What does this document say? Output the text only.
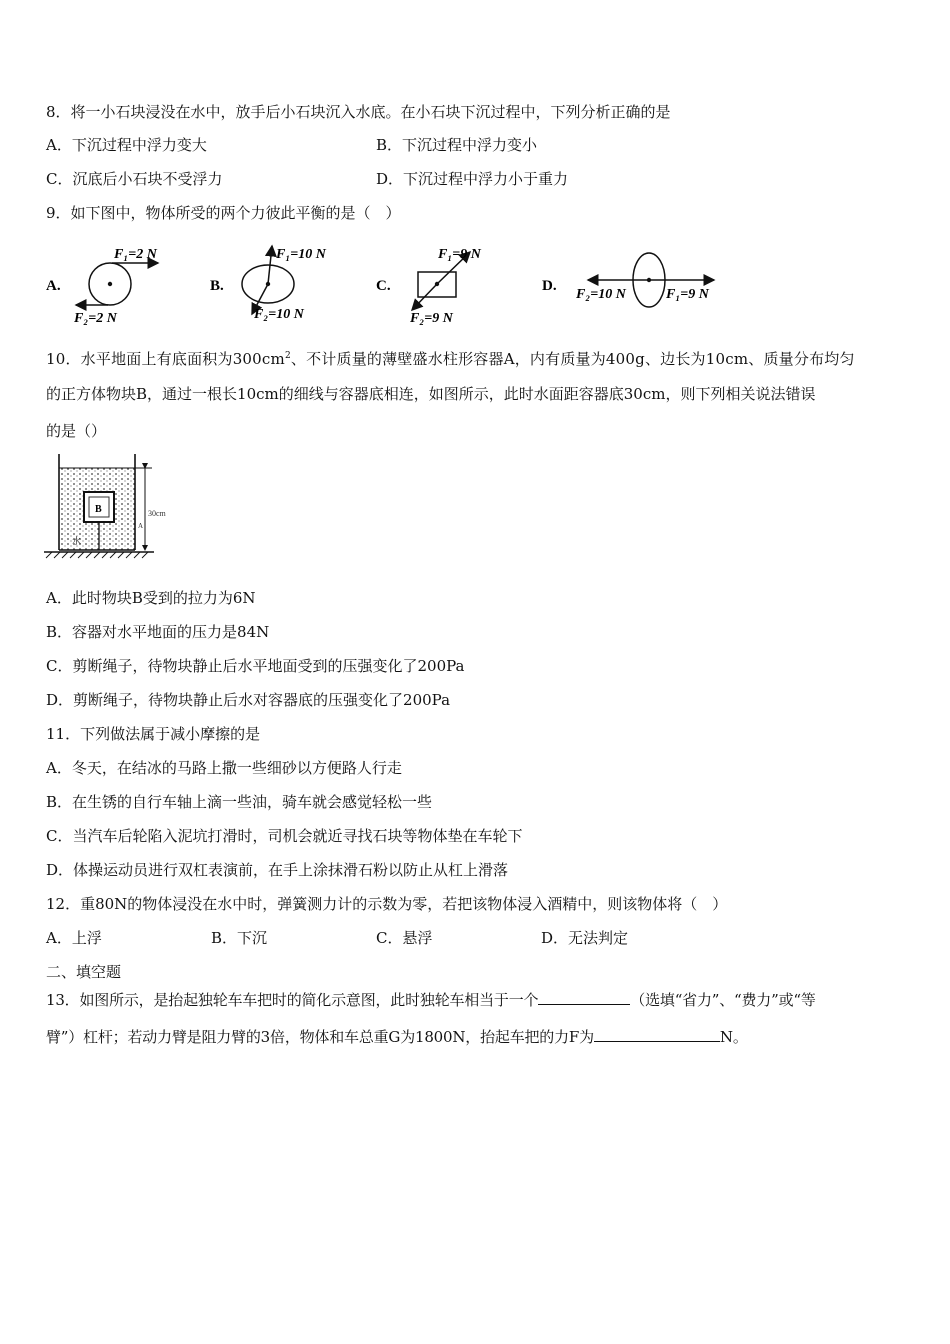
8．将一小石块浸没在水中，放手后小石块沉入水底。在小石块下沉过程中，下列分析正确的是
A．下沉过程中浮力变大	B．下沉过程中浮力变小
C．沉底后小石块不受浮力	D．下沉过程中浮力小于重力
9．如下图中，物体所受的两个力彼此平衡的是（　）
A.
F₁=2 N
F₂=2 N
B.
F₁=10 N
F₂=10 N
C.
F₁=9 N
F₂=9 N
D.
F₂=10 N	F₁=9 N
10．水平地面上有底面积为$300cm^2$、不计质量的薄壁盛水柱形容器A，内有质量为400g、边长为10cm、质量分布均匀
的正方体物块B，通过一根长10cm的细线与容器底相连，如图所示，此时水面距容器底30cm，则下列相关说法错误
的是（）
B	30cm
A
水
A．此时物块B受到的拉力为6N
B．容器对水平地面的压力是84N
C．剪断绳子，待物块静止后水平地面受到的压强变化了200Pa
D．剪断绳子，待物块静止后水对容器底的压强变化了200Pa
11．下列做法属于减小摩擦的是
A．冬天，在结冰的马路上撒一些细砂以方便路人行走
B．在生锈的自行车轴上滴一些油，骑车就会感觉轻松一些
C．当汽车后轮陷入泥坑打滑时，司机会就近寻找石块等物体垫在车轮下
D．体操运动员进行双杠表演前，在手上涂抹滑石粉以防止从杠上滑落
12．重80N的物体浸没在水中时，弹簧测力计的示数为零，若把该物体浸入酒精中，则该物体将（　）
A．上浮	B．下沉	C．悬浮	D．无法判定
二、填空题
13．如图所示，是抬起独轮车车把时的简化示意图，此时独轮车相当于一个	（选填“省力”、“费力”或“等
臂”）杠杆；若动力臂是阻力臂的3倍，物体和车总重G为1800N，抬起车把的力F为	N。
